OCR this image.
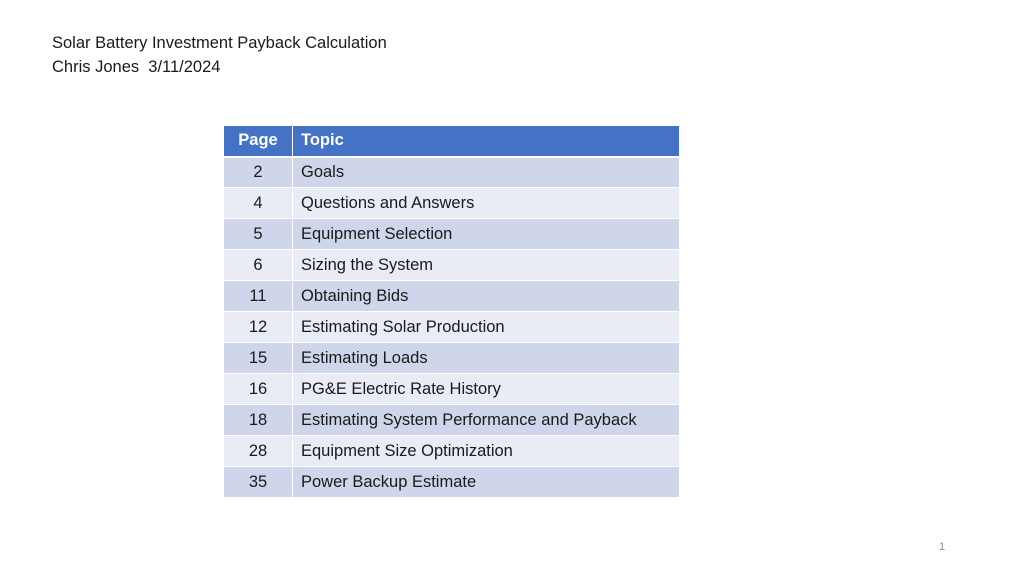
Solar Battery Investment Payback Calculation
Chris Jones  3/11/2024
Page	Topic
2	Goals
4	Questions and Answers
5	Equipment Selection
6	Sizing the System
11	Obtaining Bids
12	Estimating Solar Production
15	Estimating Loads
16	PG&E Electric Rate History
18	Estimating System Performance and Payback
28	Equipment Size Optimization
35	Power Backup Estimate
1
